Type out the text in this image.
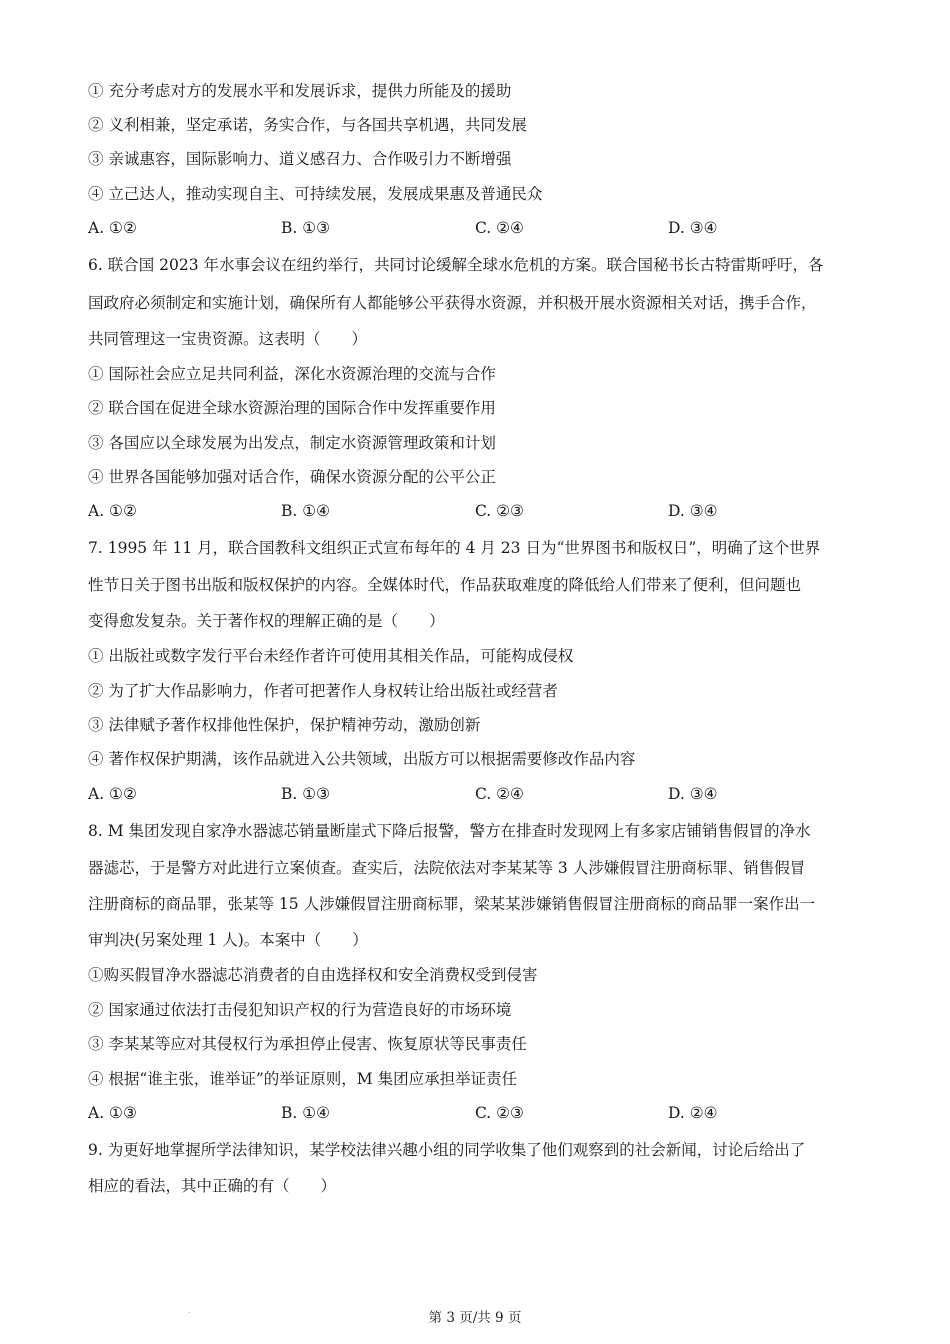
① 充分考虑对方的发展水平和发展诉求，提供力所能及的援助
② 义利相兼，坚定承诺，务实合作，与各国共享机遇，共同发展
③ 亲诚惠容，国际影响力、道义感召力、合作吸引力不断增强
④ 立己达人，推动实现自主、可持续发展，发展成果惠及普通民众
A. ①②	B. ①③	C. ②④	D. ③④
6. 联合国 2023 年水事会议在纽约举行，共同讨论缓解全球水危机的方案。联合国秘书长古特雷斯呼吁，各
国政府必须制定和实施计划，确保所有人都能够公平获得水资源，并积极开展水资源相关对话，携手合作，
共同管理这一宝贵资源。这表明（　　）
① 国际社会应立足共同利益，深化水资源治理的交流与合作
② 联合国在促进全球水资源治理的国际合作中发挥重要作用
③ 各国应以全球发展为出发点，制定水资源管理政策和计划
④ 世界各国能够加强对话合作，确保水资源分配的公平公正
A. ①②	B. ①④	C. ②③	D. ③④
7. 1995 年 11 月，联合国教科文组织正式宣布每年的 4 月 23 日为“世界图书和版权日”，明确了这个世界
性节日关于图书出版和版权保护的内容。全媒体时代，作品获取难度的降低给人们带来了便利，但问题也
变得愈发复杂。关于著作权的理解正确的是（　　）
① 出版社或数字发行平台未经作者许可使用其相关作品，可能构成侵权
② 为了扩大作品影响力，作者可把著作人身权转让给出版社或经营者
③ 法律赋予著作权排他性保护，保护精神劳动，激励创新
④ 著作权保护期满，该作品就进入公共领域，出版方可以根据需要修改作品内容
A. ①②	B. ①③	C. ②④	D. ③④
8. M 集团发现自家净水器滤芯销量断崖式下降后报警，警方在排查时发现网上有多家店铺销售假冒的净水
器滤芯，于是警方对此进行立案侦查。查实后，法院依法对李某某等 3 人涉嫌假冒注册商标罪、销售假冒
注册商标的商品罪，张某等 15 人涉嫌假冒注册商标罪，梁某某涉嫌销售假冒注册商标的商品罪一案作出一
审判决(另案处理 1 人)。本案中（　　）
①购买假冒净水器滤芯消费者的自由选择权和安全消费权受到侵害
② 国家通过依法打击侵犯知识产权的行为营造良好的市场环境
③ 李某某等应对其侵权行为承担停止侵害、恢复原状等民事责任
④ 根据“谁主张，谁举证”的举证原则，M 集团应承担举证责任
A. ①③	B. ①④	C. ②③	D. ②④
9. 为更好地掌握所学法律知识，某学校法律兴趣小组的同学收集了他们观察到的社会新闻，讨论后给出了
相应的看法，其中正确的有（　　）
.	第 3 页/共 9 页
